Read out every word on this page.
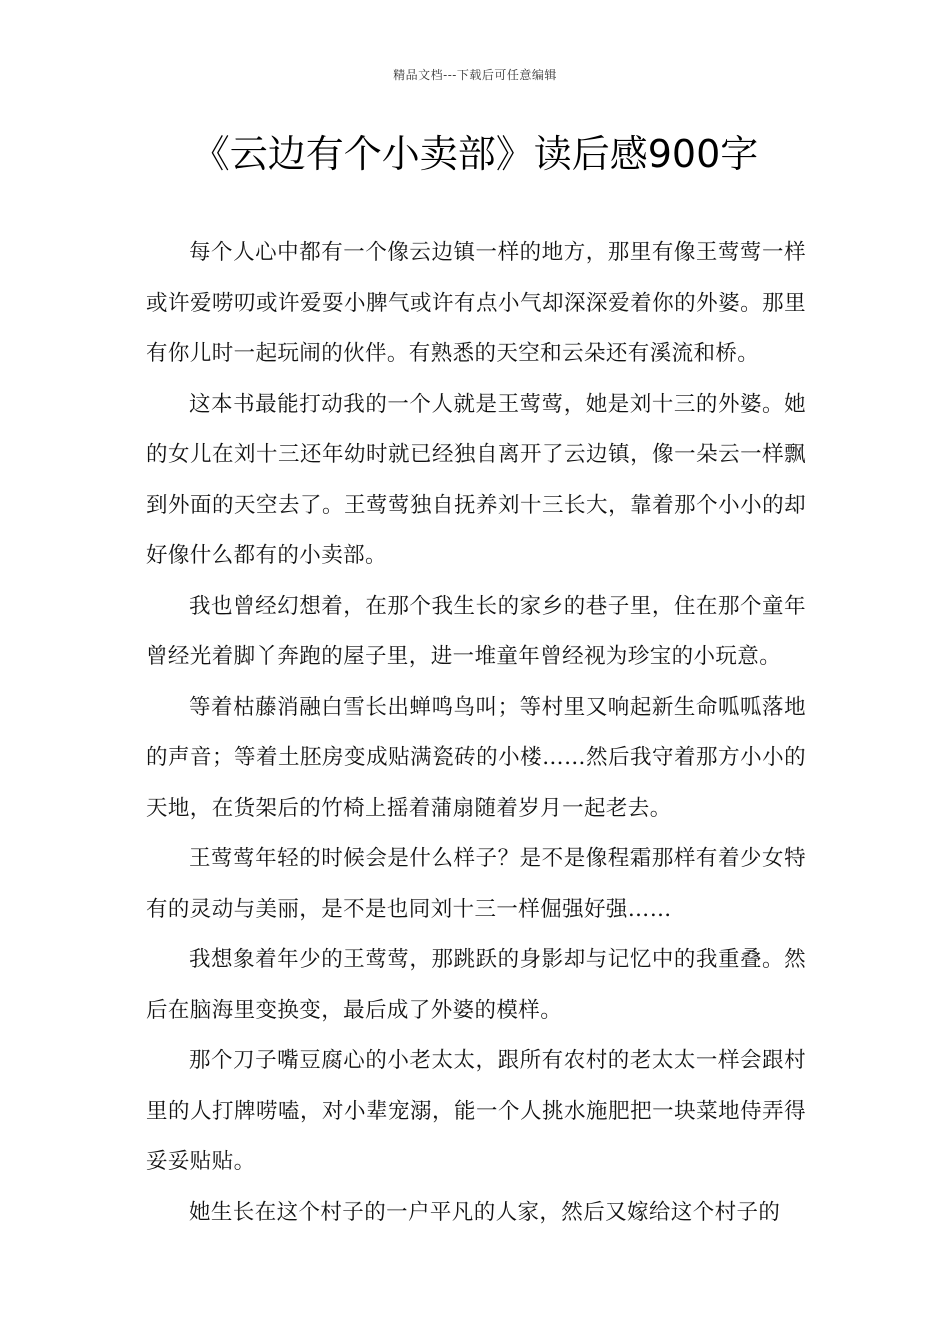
精品文档---下载后可任意编辑
《云边有个小卖部》读后感900字

每个人心中都有一个像云边镇一样的地方，那里有像王莺莺一样或许爱唠叨或许爱耍小脾气或许有点小气却深深爱着你的外婆。那里有你儿时一起玩闹的伙伴。有熟悉的天空和云朵还有溪流和桥。

这本书最能打动我的一个人就是王莺莺，她是刘十三的外婆。她的女儿在刘十三还年幼时就已经独自离开了云边镇，像一朵云一样飘到外面的天空去了。王莺莺独自抚养刘十三长大，靠着那个小小的却好像什么都有的小卖部。

我也曾经幻想着，在那个我生长的家乡的巷子里，住在那个童年曾经光着脚丫奔跑的屋子里，进一堆童年曾经视为珍宝的小玩意。

等着枯藤消融白雪长出蝉鸣鸟叫；等村里又响起新生命呱呱落地的声音；等着土胚房变成贴满瓷砖的小楼……然后我守着那方小小的天地，在货架后的竹椅上摇着蒲扇随着岁月一起老去。

王莺莺年轻的时候会是什么样子？是不是像程霜那样有着少女特有的灵动与美丽，是不是也同刘十三一样倔强好强……

我想象着年少的王莺莺，那跳跃的身影却与记忆中的我重叠。然后在脑海里变换变，最后成了外婆的模样。

那个刀子嘴豆腐心的小老太太，跟所有农村的老太太一样会跟村里的人打牌唠嗑，对小辈宠溺，能一个人挑水施肥把一块菜地侍弄得妥妥贴贴。

她生长在这个村子的一户平凡的人家，然后又嫁给这个村子的
